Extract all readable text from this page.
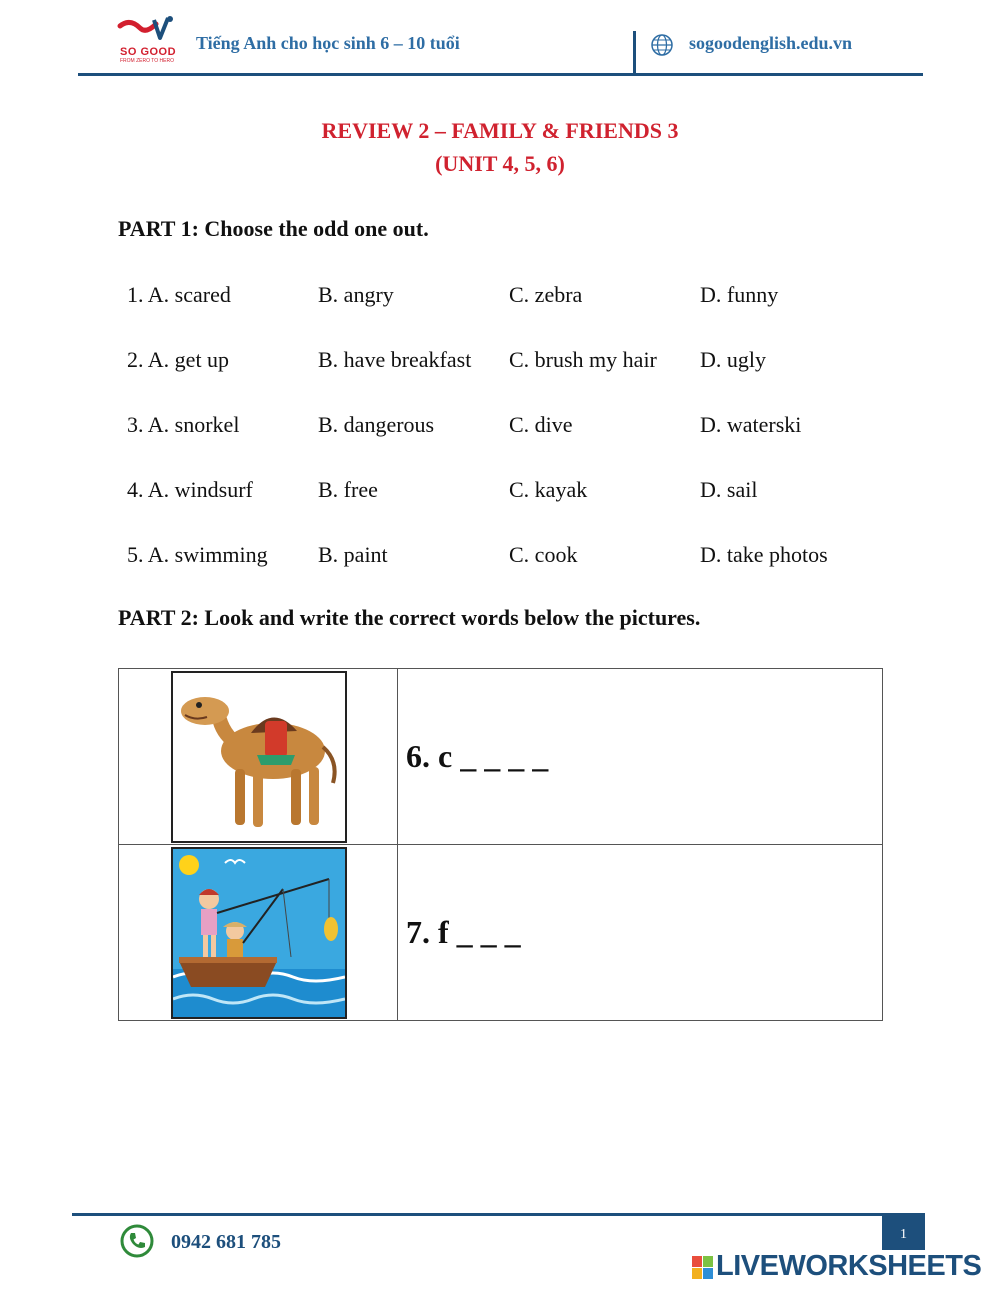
SO GOOD
FROM ZERO TO HERO
Tiếng Anh cho học sinh 6 – 10 tuổi	sogoodenglish.edu.vn
REVIEW 2 – FAMILY & FRIENDS 3
(UNIT 4, 5, 6)
PART 1: Choose the odd one out.
1. A. scared	B. angry	C. zebra	D. funny
2. A. get up	B. have breakfast C. brush my hair D. ugly
3. A. snorkel	B. dangerous	C. dive	D. waterski
4. A. windsurf	B. free	C. kayak	D. sail
5. A. swimming B. paint	C. cook	D. take photos
PART 2: Look and write the correct words below the pictures.
	6. c _ _ _ _

	7. f _ _ _
1
0942 681 785
LIVEWORKSHEETS
